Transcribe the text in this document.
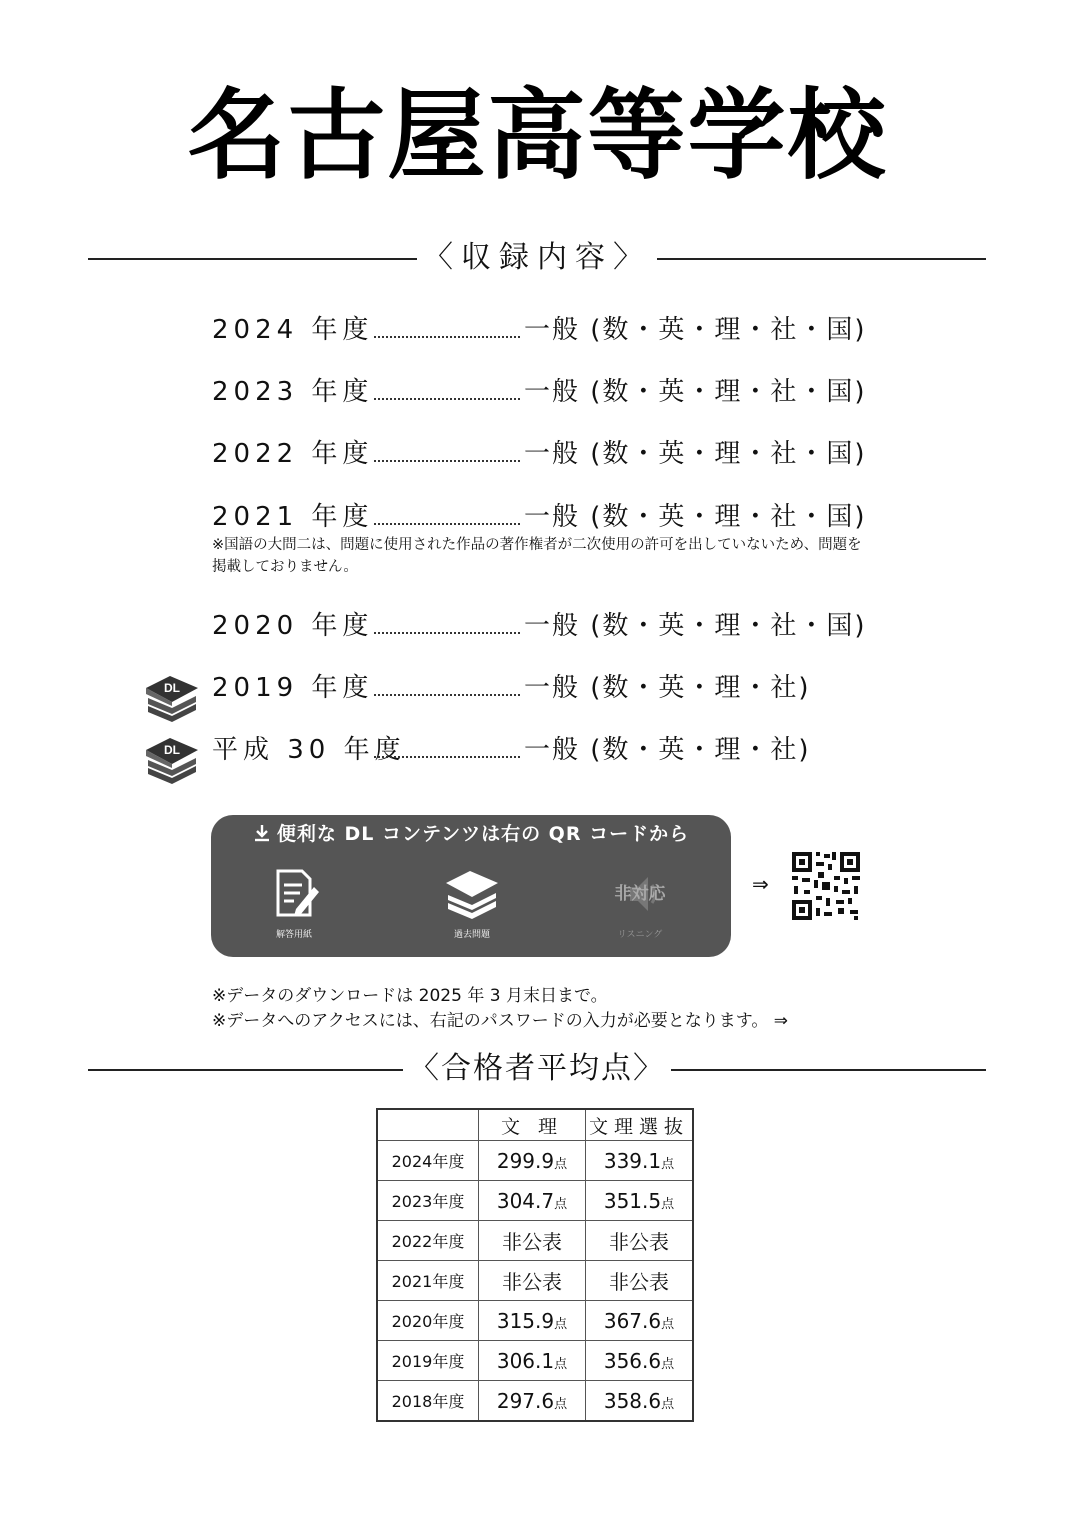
名古屋高等学校
〈収録内容〉
2024 年度	一般 (数・英・理・社・国)
2023 年度	一般 (数・英・理・社・国)
2022 年度	一般 (数・英・理・社・国)
2021 年度	一般 (数・英・理・社・国)
2020 年度	一般 (数・英・理・社・国)
2019 年度	一般 (数・英・理・社)
平成 30 年度	一般 (数・英・理・社)
※国語の大問二は、問題に使用された作品の著作権者が二次使用の許可を出していないため、問題を掲載しておりません。
DL
DL
便利な DL コンテンツは右の QR コードから
解答用紙	過去問題
非対応
リスニング
⇒
※データのダウンロードは 2025 年 3 月末日まで。
※データへのアクセスには、右記のパスワードの入力が必要となります。 ⇒
〈合格者平均点〉
	文 理	文理選抜
2024年度	299.9点	339.1点
2023年度	304.7点	351.5点
2022年度	非公表	非公表
2021年度	非公表	非公表
2020年度	315.9点	367.6点
2019年度	306.1点	356.6点
2018年度	297.6点	358.6点
